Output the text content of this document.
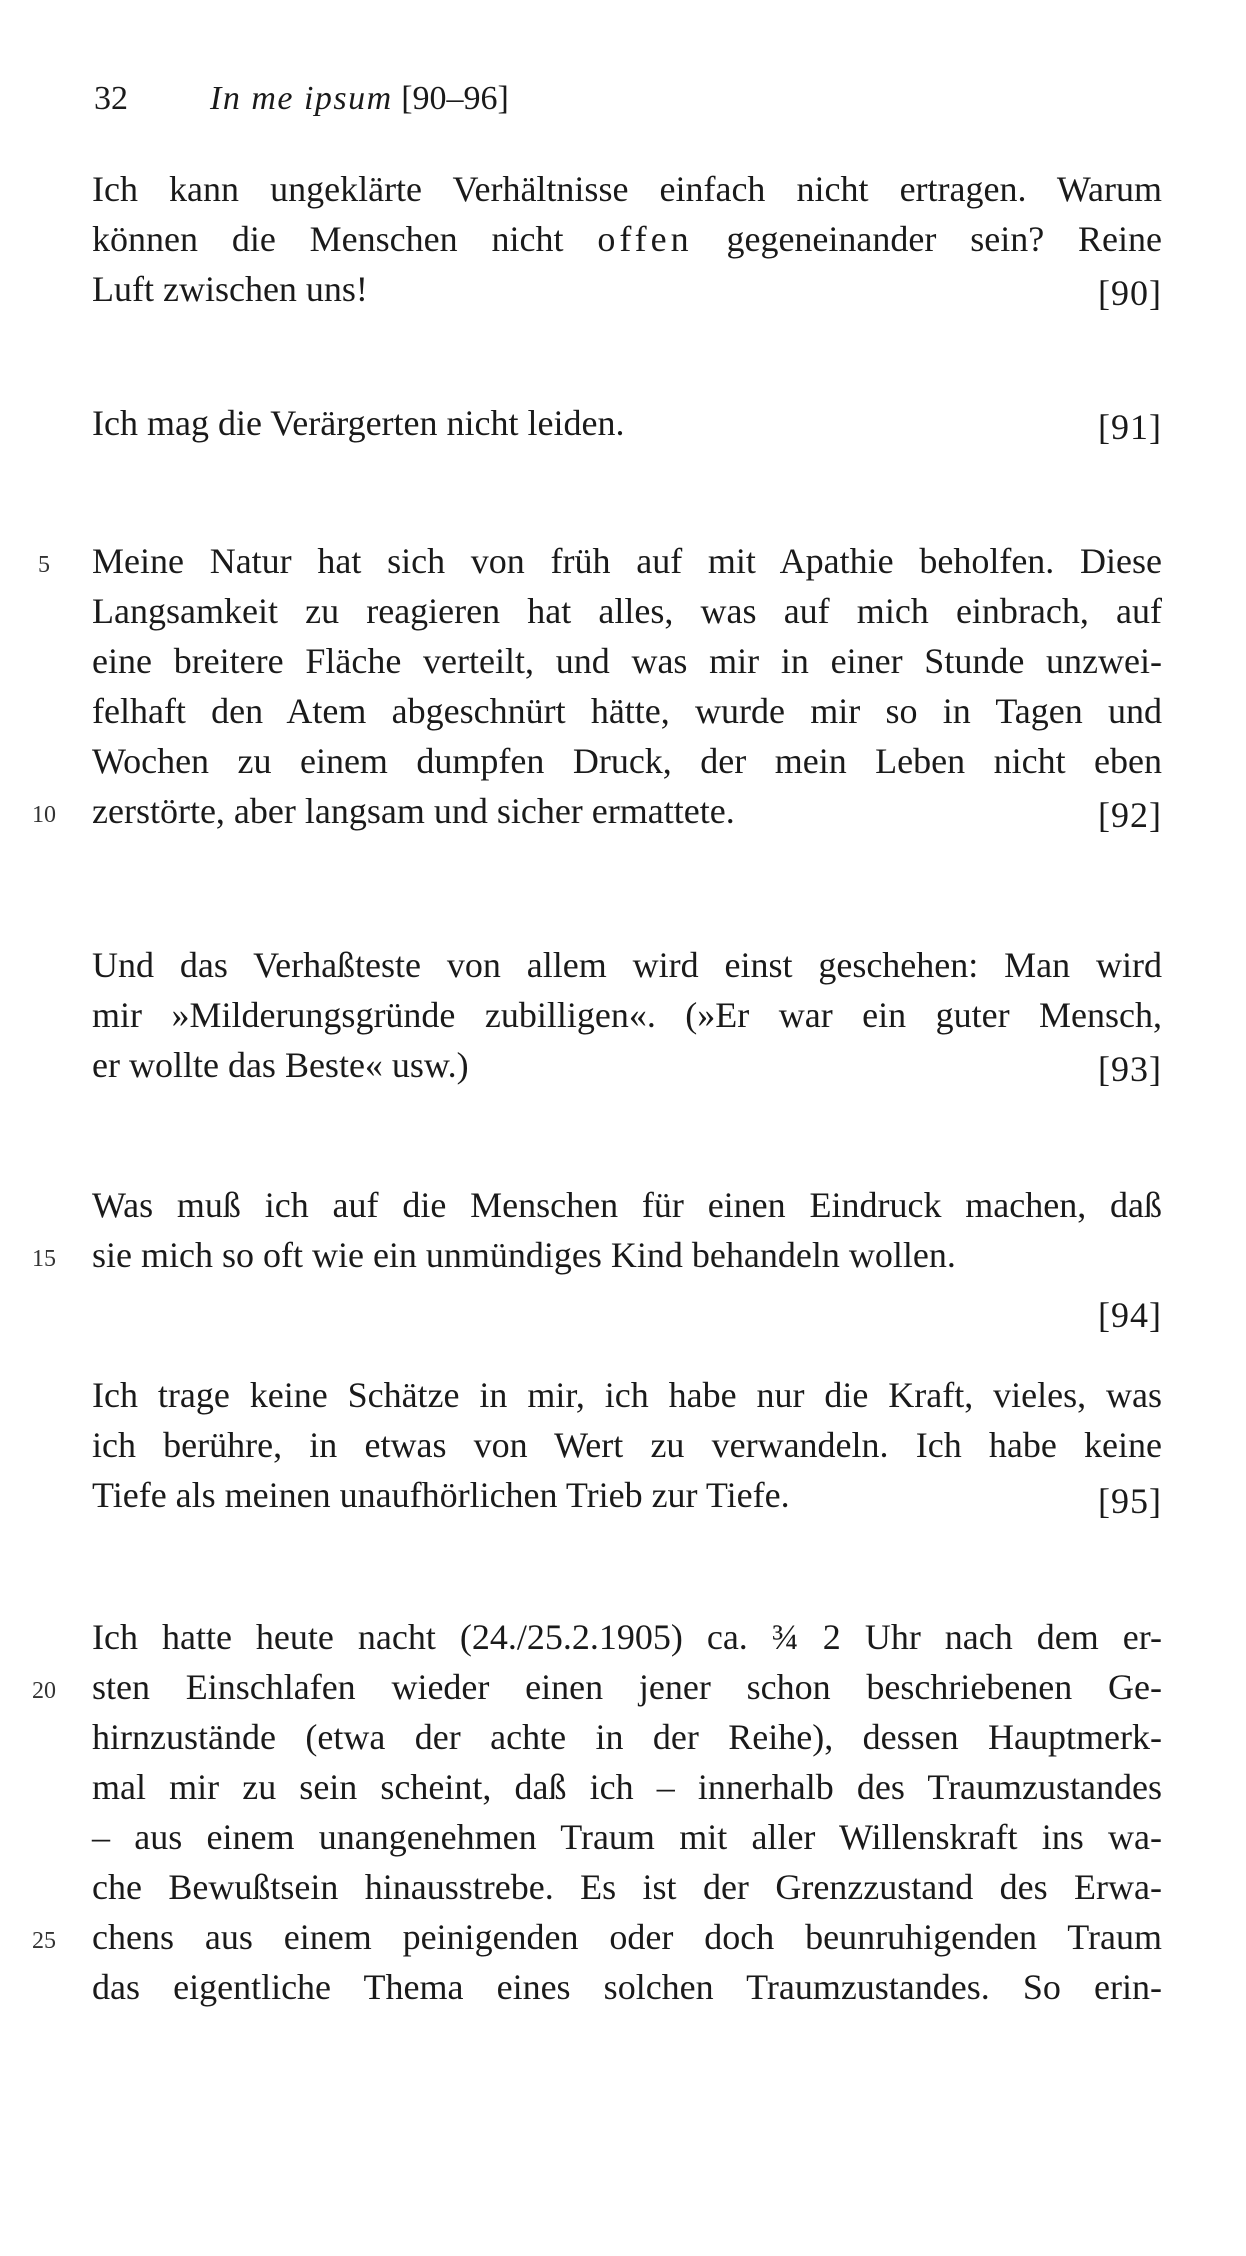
32 In me ipsum [90–96]
Ich kann ungeklärte Verhältnisse einfach nicht ertragen. Warum
können die Menschen nicht offen gegeneinander sein? Reine
Luft zwischen uns!	[90]
Ich mag die Verärgerten nicht leiden.	[91]
5	Meine Natur hat sich von früh auf mit Apathie beholfen. Diese
Langsamkeit zu reagieren hat alles, was auf mich einbrach, auf
eine breitere Fläche verteilt, und was mir in einer Stunde unzwei-
felhaft den Atem abgeschnürt hätte, wurde mir so in Tagen und
Wochen zu einem dumpfen Druck, der mein Leben nicht eben
10 zerstörte, aber langsam und sicher ermattete.	[92]
Und das Verhaßteste von allem wird einst geschehen: Man wird
mir »Milderungsgründe zubilligen«. (»Er war ein guter Mensch,
er wollte das Beste« usw.)	[93]
Was muß ich auf die Menschen für einen Eindruck machen, daß
15 sie mich so oft wie ein unmündiges Kind behandeln wollen.
[94]
Ich trage keine Schätze in mir, ich habe nur die Kraft, vieles, was
ich berühre, in etwas von Wert zu verwandeln. Ich habe keine
Tiefe als meinen unaufhörlichen Trieb zur Tiefe.	[95]
Ich hatte heute nacht (24./25.2.1905) ca. ¾ 2 Uhr nach dem er-
20 sten Einschlafen wieder einen jener schon beschriebenen Ge-
hirnzustände (etwa der achte in der Reihe), dessen Hauptmerk-
mal mir zu sein scheint, daß ich – innerhalb des Traumzustandes
– aus einem unangenehmen Traum mit aller Willenskraft ins wa-
che Bewußtsein hinausstrebe. Es ist der Grenzzustand des Erwa-
25 chens aus einem peinigenden oder doch beunruhigenden Traum
das eigentliche Thema eines solchen Traumzustandes. So erin-
